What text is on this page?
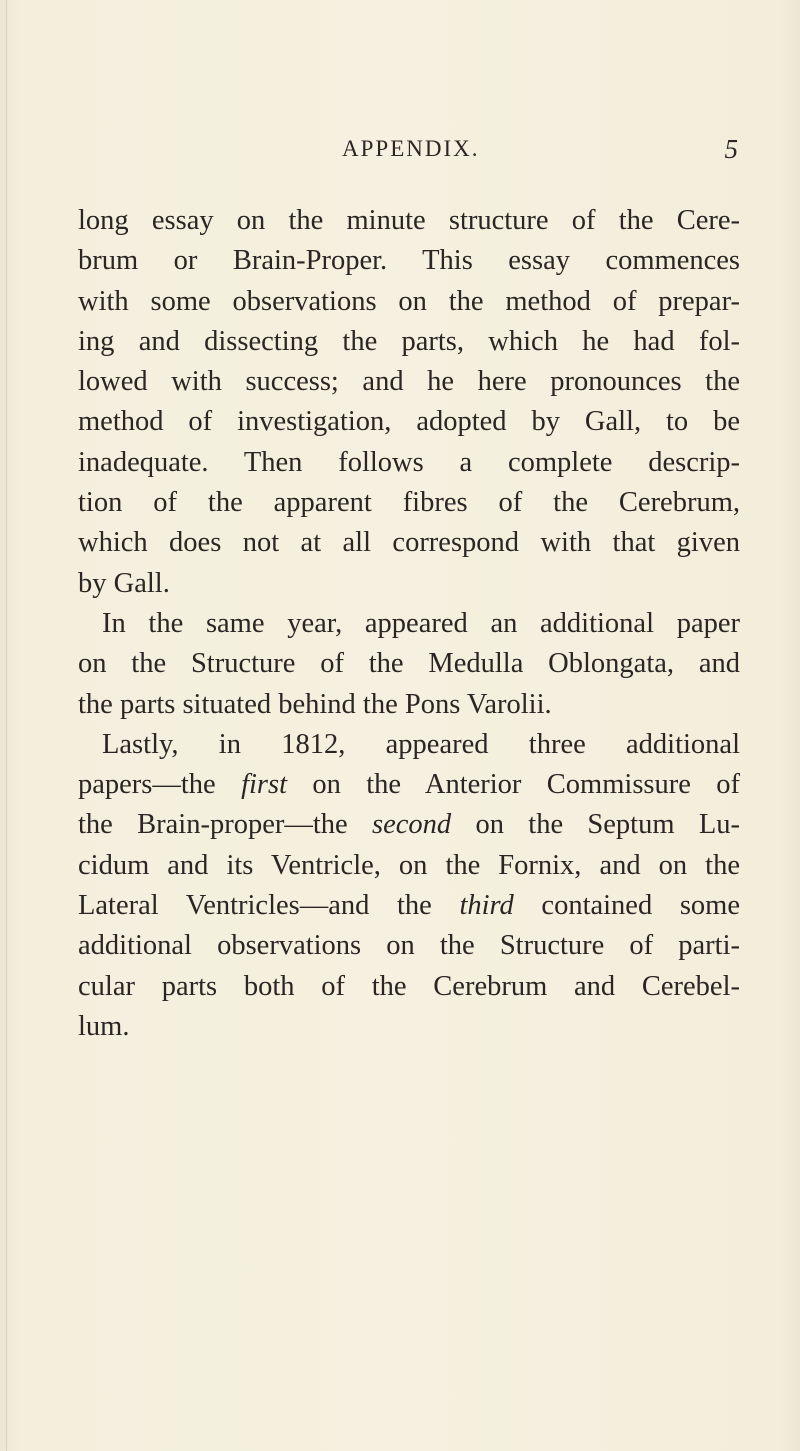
APPENDIX.	5
long essay on the minute structure of the Cere-
brum or Brain-Proper. This essay commences
with some observations on the method of prepar-
ing and dissecting the parts, which he had fol-
lowed with success; and he here pronounces the
method of investigation, adopted by Gall, to be
inadequate. Then follows a complete descrip-
tion of the apparent fibres of the Cerebrum,
which does not at all correspond with that given
by Gall.
In the same year, appeared an additional paper
on the Structure of the Medulla Oblongata, and
the parts situated behind the Pons Varolii.
Lastly, in 1812, appeared three additional
papers—the first on the Anterior Commissure of
the Brain-proper—the second on the Septum Lu-
cidum and its Ventricle, on the Fornix, and on the
Lateral Ventricles—and the third contained some
additional observations on the Structure of parti-
cular parts both of the Cerebrum and Cerebel-
lum.
